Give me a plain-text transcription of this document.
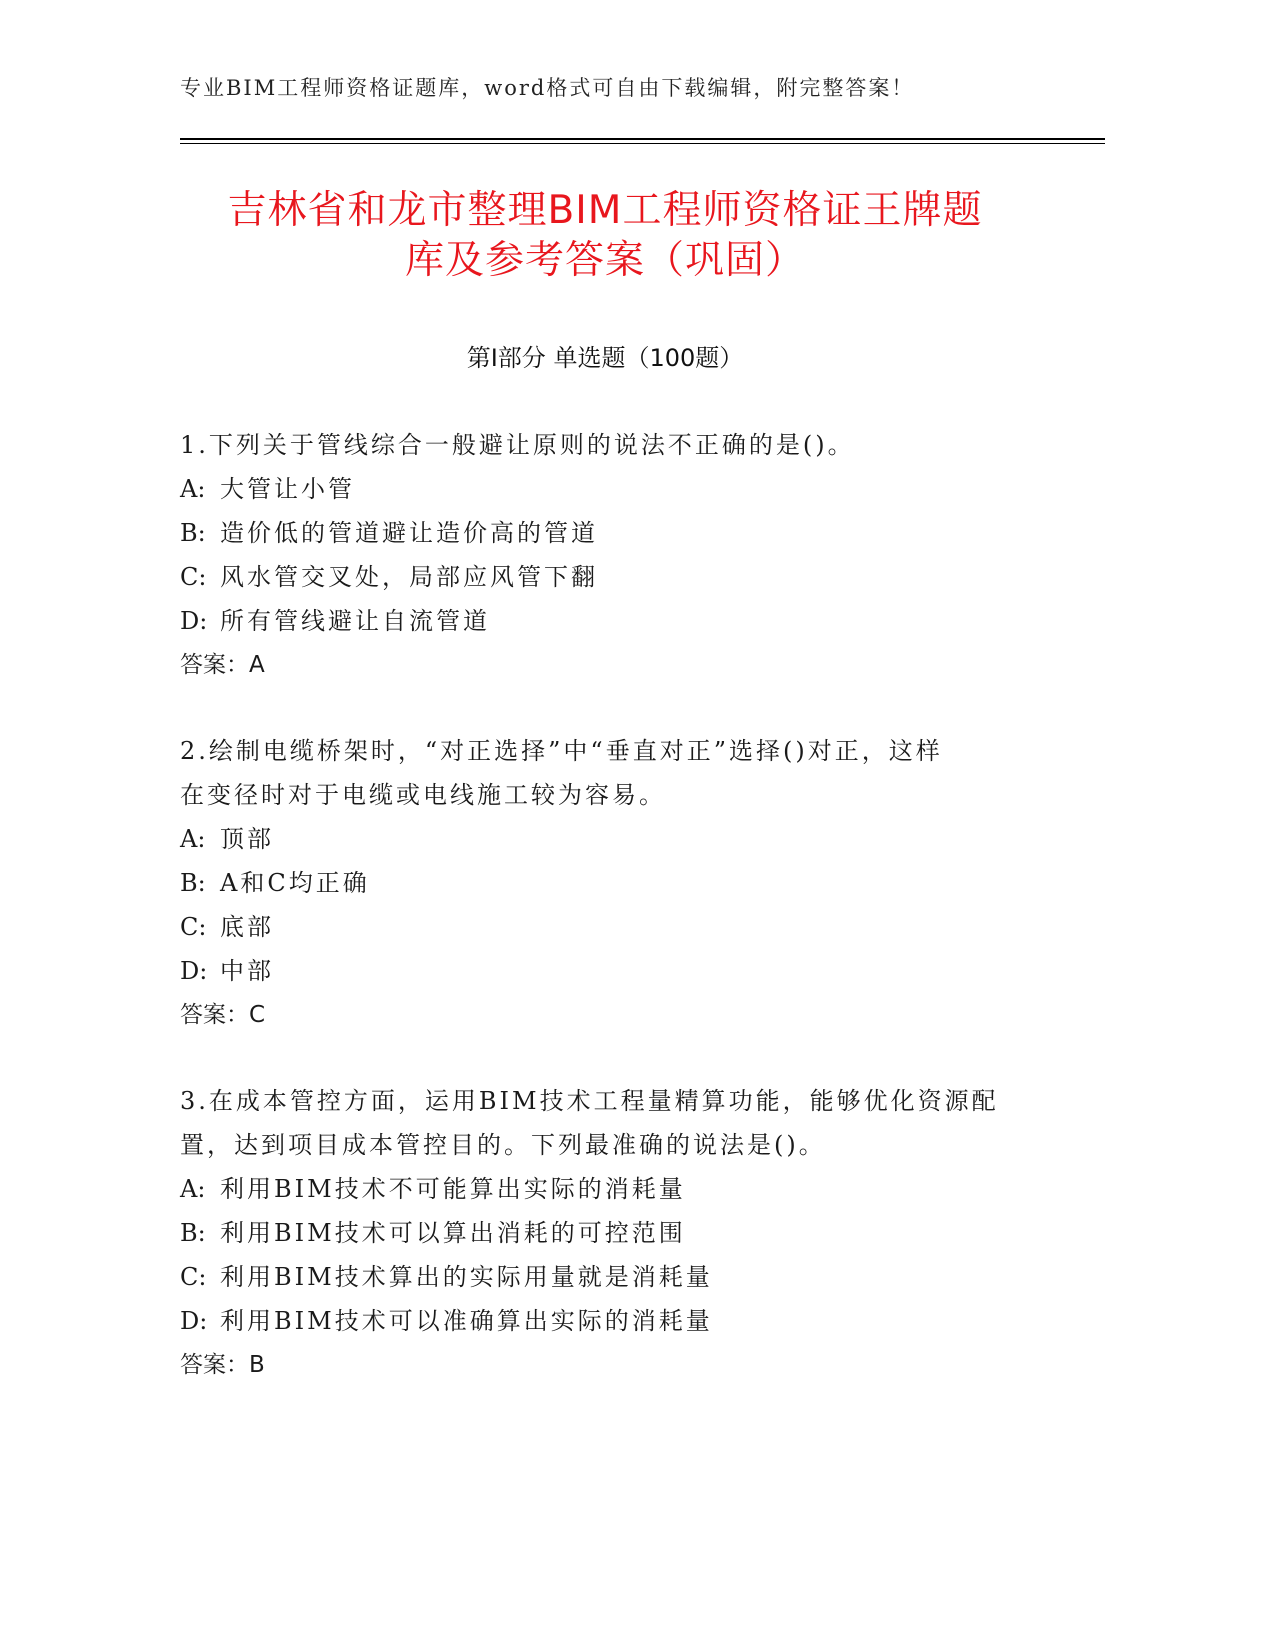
专业BIM工程师资格证题库，word格式可自由下载编辑，附完整答案！
吉林省和龙市整理BIM工程师资格证王牌题
库及参考答案（巩固）
第I部分 单选题（100题）
1.下列关于管线综合一般避让原则的说法不正确的是()。
A: 大管让小管
B: 造价低的管道避让造价高的管道
C: 风水管交叉处，局部应风管下翻
D: 所有管线避让自流管道
答案：A
2.绘制电缆桥架时，“对正选择”中“垂直对正”选择()对正，这样
在变径时对于电缆或电线施工较为容易。
A: 顶部
B: A和C均正确
C: 底部
D: 中部
答案：C
3.在成本管控方面，运用BIM技术工程量精算功能，能够优化资源配
置，达到项目成本管控目的。下列最准确的说法是()。
A: 利用BIM技术不可能算出实际的消耗量
B: 利用BIM技术可以算出消耗的可控范围
C: 利用BIM技术算出的实际用量就是消耗量
D: 利用BIM技术可以准确算出实际的消耗量
答案：B
